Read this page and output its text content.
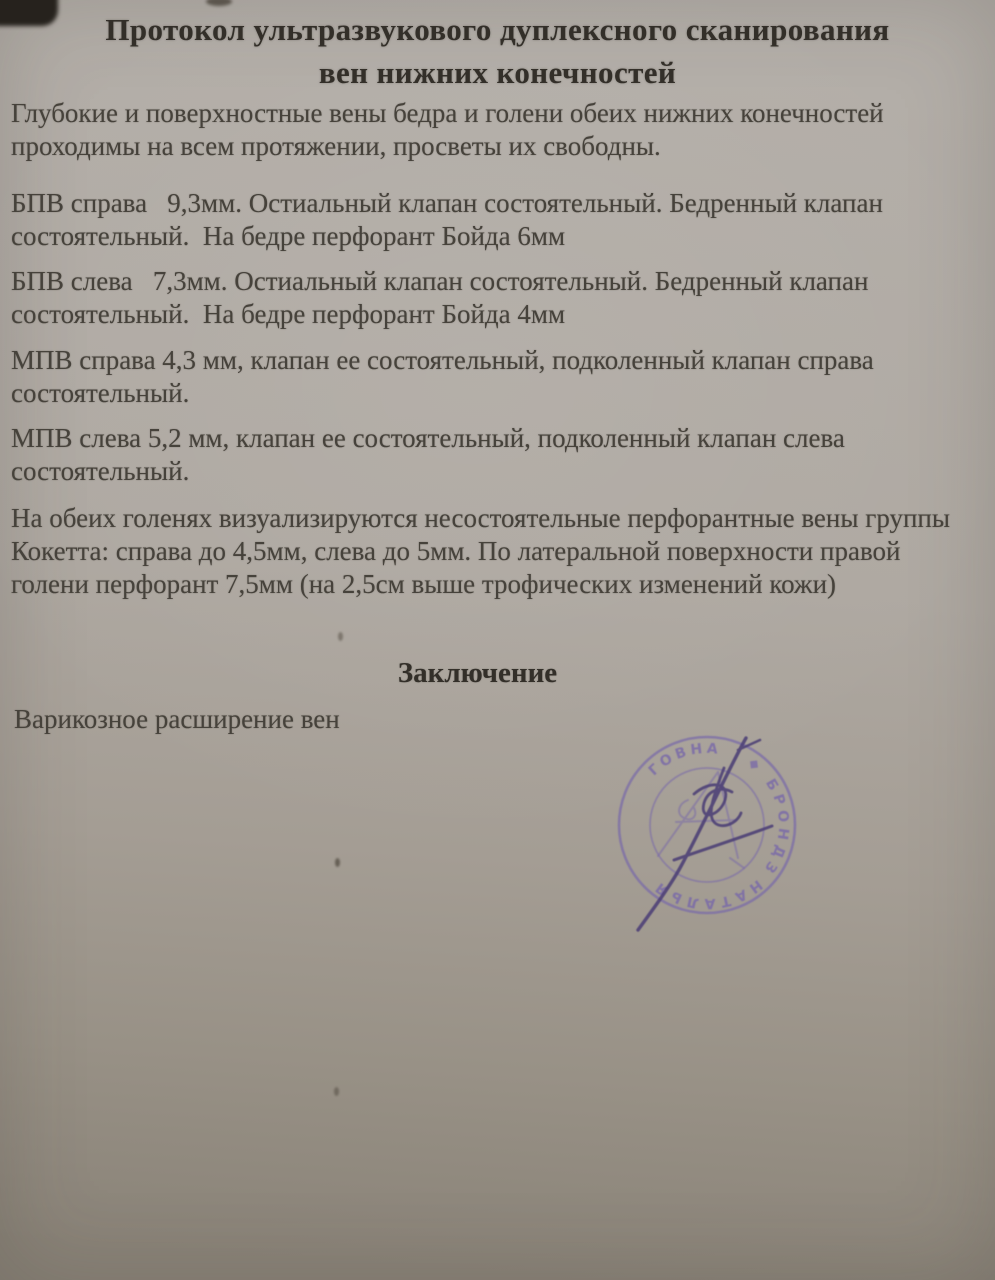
Протокол ультразвукового дуплексного сканирования вен нижних конечностей

Глубокие и поверхностные вены бедра и голени обеих нижних конечностей проходимы на всем протяжении, просветы их свободны.

БПВ справа   9,3мм. Остиальный клапан состоятельный. Бедренный клапан состоятельный.  На бедре перфорант Бойда 6мм

БПВ слева   7,3мм. Остиальный клапан состоятельный. Бедренный клапан состоятельный.  На бедре перфорант Бойда 4мм

МПВ справа 4,3 мм, клапан ее состоятельный, подколенный клапан справа состоятельный.

МПВ слева 5,2 мм, клапан ее состоятельный, подколенный клапан слева состоятельный.

На обеих голенях визуализируются несостоятельные перфорантные вены группы Кокетта: справа до 4,5мм, слева до 5мм. По латеральной поверхности правой голени перфорант 7,5мм (на 2,5см выше трофических изменений кожи)

Заключение

Варикозное расширение вен

ГОВНА
◆
БРОНДЗ
НАТАЛЬЯ
